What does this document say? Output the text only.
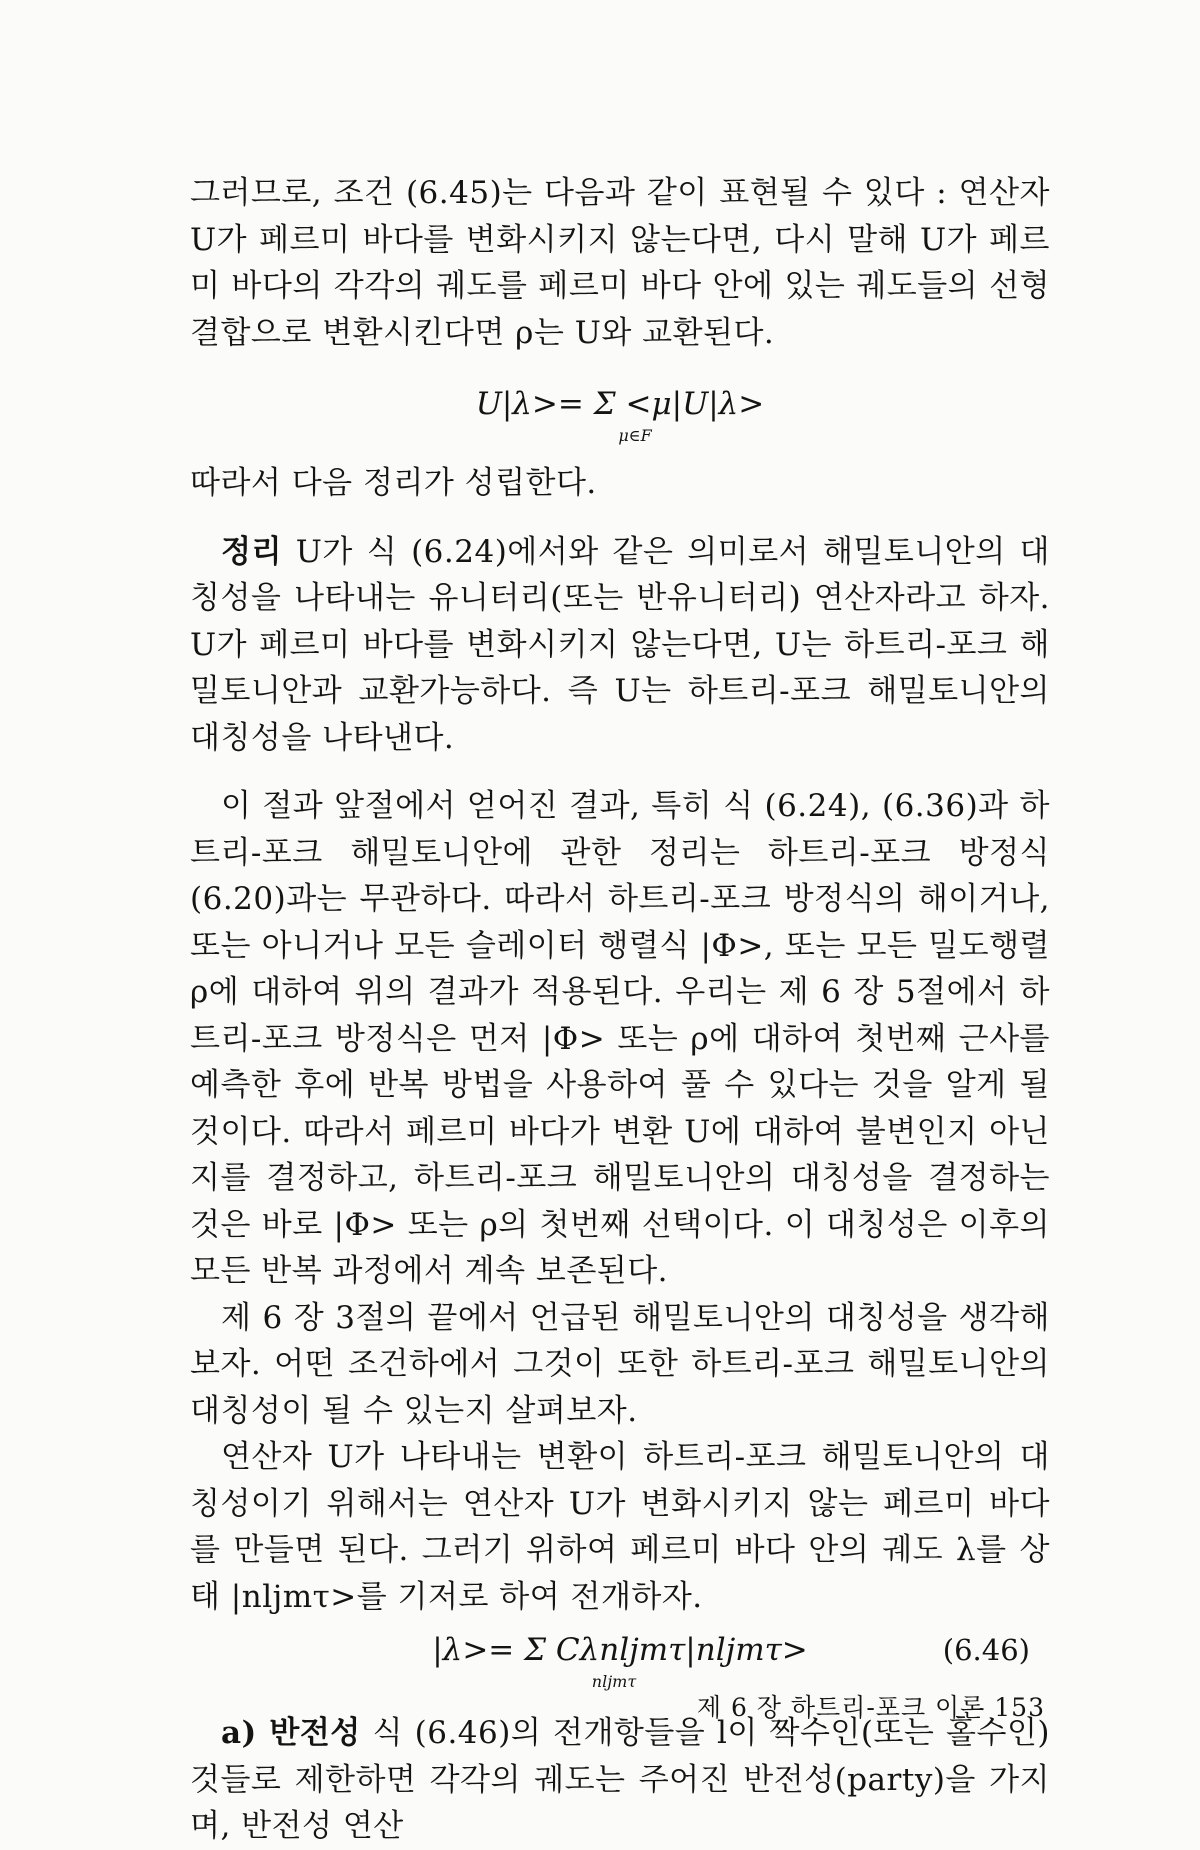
그러므로, 조건 (6.45)는 다음과 같이 표현될 수 있다 : 연산자 U가 페르미 바다를 변화시키지 않는다면, 다시 말해 U가 페르미 바다의 각각의 궤도를 페르미 바다 안에 있는 궤도들의 선형결합으로 변환시킨다면 ρ는 U와 교환된다.

U|λ>= Σ <μ|U|λ>
μ∈F

따라서 다음 정리가 성립한다.

정리 U가 식 (6.24)에서와 같은 의미로서 해밀토니안의 대칭성을 나타내는 유니터리(또는 반유니터리) 연산자라고 하자. U가 페르미 바다를 변화시키지 않는다면, U는 하트리-포크 해밀토니안과 교환가능하다. 즉 U는 하트리-포크 해밀토니안의 대칭성을 나타낸다.

이 절과 앞절에서 얻어진 결과, 특히 식 (6.24), (6.36)과 하트리-포크 해밀토니안에 관한 정리는 하트리-포크 방정식 (6.20)과는 무관하다. 따라서 하트리-포크 방정식의 해이거나, 또는 아니거나 모든 슬레이터 행렬식 |Φ>, 또는 모든 밀도행렬 ρ에 대하여 위의 결과가 적용된다. 우리는 제 6 장 5절에서 하트리-포크 방정식은 먼저 |Φ> 또는 ρ에 대하여 첫번째 근사를 예측한 후에 반복 방법을 사용하여 풀 수 있다는 것을 알게 될 것이다. 따라서 페르미 바다가 변환 U에 대하여 불변인지 아닌지를 결정하고, 하트리-포크 해밀토니안의 대칭성을 결정하는 것은 바로 |Φ> 또는 ρ의 첫번째 선택이다. 이 대칭성은 이후의 모든 반복 과정에서 계속 보존된다.

제 6 장 3절의 끝에서 언급된 해밀토니안의 대칭성을 생각해 보자. 어떤 조건하에서 그것이 또한 하트리-포크 해밀토니안의 대칭성이 될 수 있는지 살펴보자.

연산자 U가 나타내는 변환이 하트리-포크 해밀토니안의 대칭성이기 위해서는 연산자 U가 변화시키지 않는 페르미 바다를 만들면 된다. 그러기 위하여 페르미 바다 안의 궤도 λ를 상태 |nljmτ>를 기저로 하여 전개하자.

|λ>= Σ Cλnljmτ|nljmτ>
nljmτ
(6.46)

a) 반전성 식 (6.46)의 전개항들을 l이 짝수인(또는 홀수인) 것들로 제한하면 각각의 궤도는 주어진 반전성(party)을 가지며, 반전성 연산

제 6 장 하트리-포크 이론 153
